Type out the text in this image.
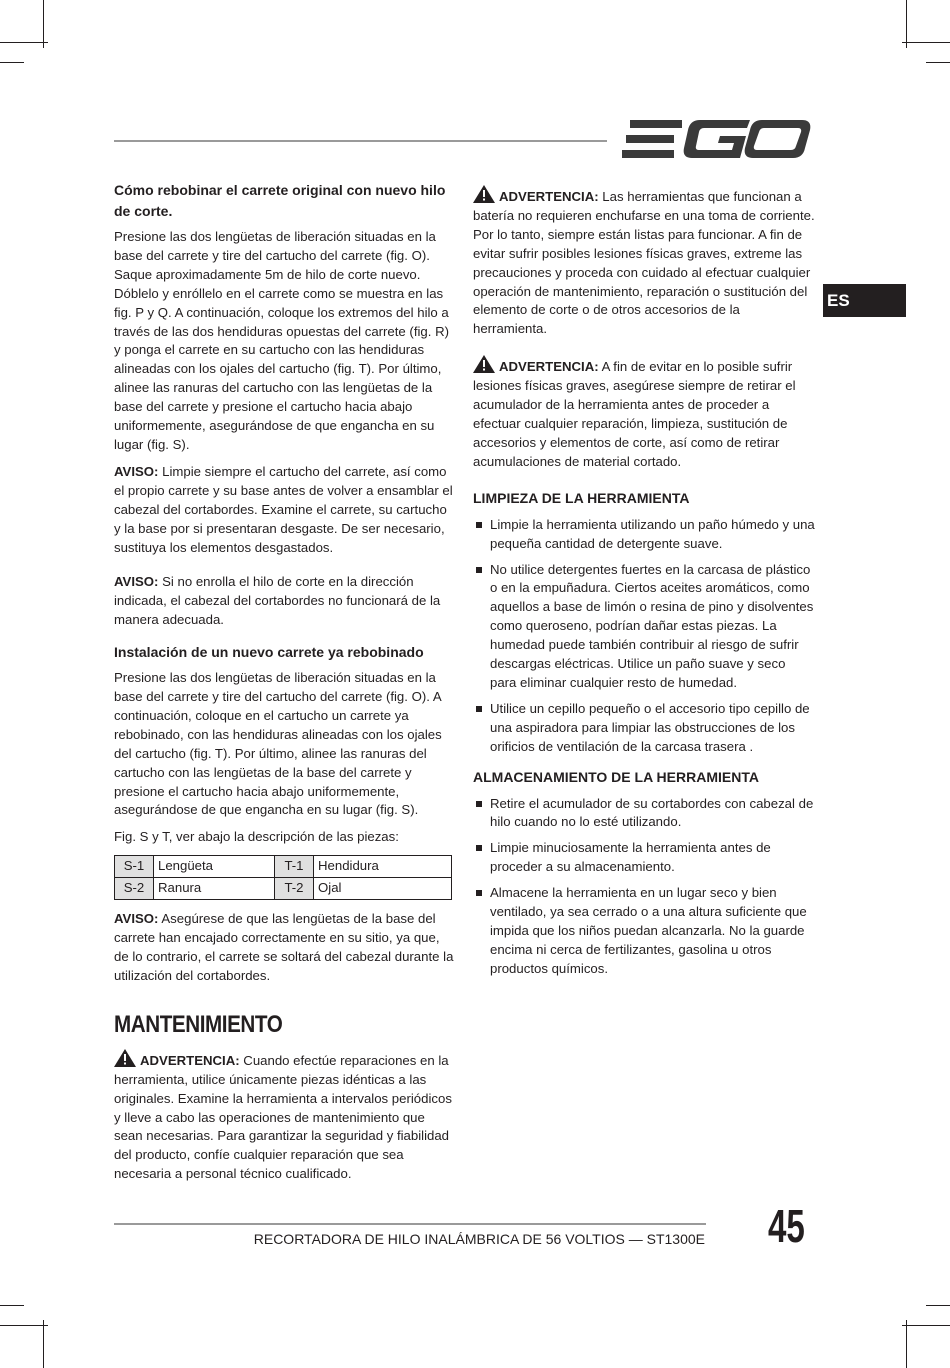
ES
Cómo rebobinar el carrete original con nuevo hilo de corte.

Presione las dos lengüetas de liberación situadas en la base del carrete y tire del cartucho del carrete (fig. O). Saque aproximadamente 5m de hilo de corte nuevo. Dóblelo y enróllelo en el carrete como se muestra en las fig. P y Q. A continuación, coloque los extremos del hilo a través de las dos hendiduras opuestas del carrete (fig. R) y ponga el carrete en su cartucho con las hendiduras alineadas con los ojales del cartucho (fig. T). Por último, alinee las ranuras del cartucho con las lengüetas de la base del carrete y presione el cartucho hacia abajo uniformemente, asegurándose de que engancha en su lugar (fig. S).

AVISO: Limpie siempre el cartucho del carrete, así como el propio carrete y su base antes de volver a ensamblar el cabezal del cortabordes. Examine el carrete, su cartucho y la base por si presentaran desgaste. De ser necesario, sustituya los elementos desgastados.

AVISO: Si no enrolla el hilo de corte en la dirección indicada, el cabezal del cortabordes no funcionará de la manera adecuada.

Instalación de un nuevo carrete ya rebobinado

Presione las dos lengüetas de liberación situadas en la base del carrete y tire del cartucho del carrete (fig. O). A continuación, coloque en el cartucho un carrete ya rebobinado, con las hendiduras alineadas con los ojales del cartucho (fig. T). Por último, alinee las ranuras del cartucho con las lengüetas de la base del carrete y presione el cartucho hacia abajo uniformemente, asegurándose de que engancha en su lugar (fig. S).

Fig. S y T, ver abajo la descripción de las piezas:

S-1	Lengüeta	T-1	Hendidura
S-2	Ranura	T-2	Ojal

AVISO: Asegúrese de que las lengüetas de la base del carrete han encajado correctamente en su sitio, ya que, de lo contrario, el carrete se soltará del cabezal durante la utilización del cortabordes.

MANTENIMIENTO

ADVERTENCIA: Cuando efectúe reparaciones en la herramienta, utilice únicamente piezas idénticas a las originales. Examine la herramienta a intervalos periódicos y lleve a cabo las operaciones de mantenimiento que sean necesarias. Para garantizar la seguridad y fiabilidad del producto, confíe cualquier reparación que sea necesaria a personal técnico cualificado.

ADVERTENCIA: Las herramientas que funcionan a batería no requieren enchufarse en una toma de corriente. Por lo tanto, siempre están listas para funcionar. A fin de evitar sufrir posibles lesiones físicas graves, extreme las precauciones y proceda con cuidado al efectuar cualquier operación de mantenimiento, reparación o sustitución del elemento de corte o de otros accesorios de la herramienta.

ADVERTENCIA: A fin de evitar en lo posible sufrir lesiones físicas graves, asegúrese siempre de retirar el acumulador de la herramienta antes de proceder a efectuar cualquier reparación, limpieza, sustitución de accesorios y elementos de corte, así como de retirar acumulaciones de material cortado.

LIMPIEZA DE LA HERRAMIENTA
Limpie la herramienta utilizando un paño húmedo y una pequeña cantidad de detergente suave.
No utilice detergentes fuertes en la carcasa de plástico o en la empuñadura. Ciertos aceites aromáticos, como aquellos a base de limón o resina de pino y disolventes como queroseno, podrían dañar estas piezas. La humedad puede también contribuir al riesgo de sufrir descargas eléctricas. Utilice un paño suave y seco para eliminar cualquier resto de humedad.
Utilice un cepillo pequeño o el accesorio tipo cepillo de una aspiradora para limpiar las obstrucciones de los orificios de ventilación de la carcasa trasera .
ALMACENAMIENTO DE LA HERRAMIENTA
Retire el acumulador de su cortabordes con cabezal de hilo cuando no lo esté utilizando.
Limpie minuciosamente la herramienta antes de proceder a su almacenamiento.
Almacene la herramienta en un lugar seco y bien ventilado, ya sea cerrado o a una altura suficiente que impida que los niños puedan alcanzarla. No la guarde encima ni cerca de fertilizantes, gasolina u otros productos químicos.
RECORTADORA DE HILO INALÁMBRICA DE 56 VOLTIOS — ST1300E 45
